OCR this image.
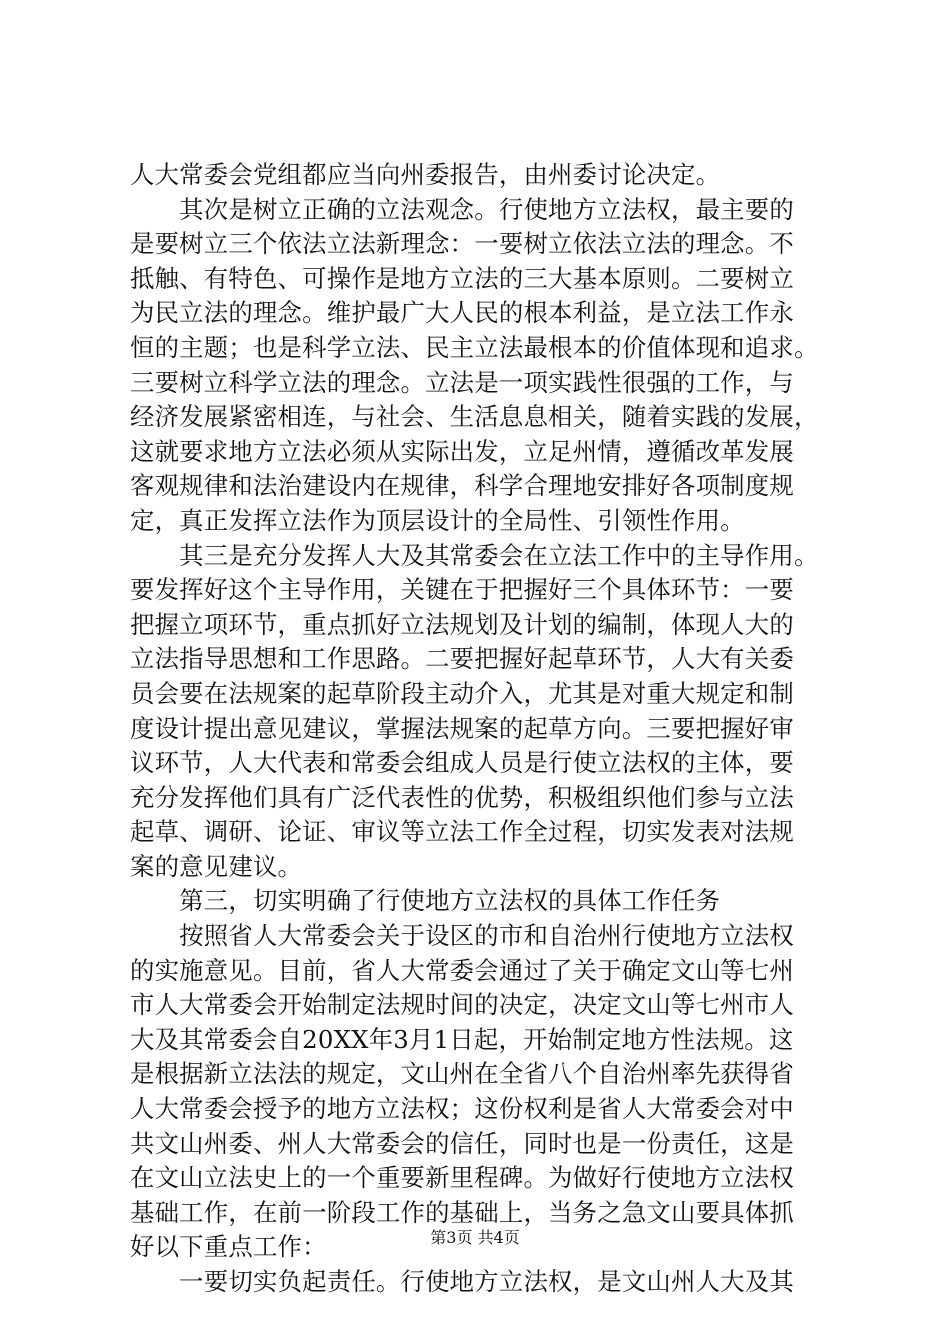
人大常委会党组都应当向州委报告，由州委讨论决定。
　　其次是树立正确的立法观念。行使地方立法权，最主要的
是要树立三个依法立法新理念：一要树立依法立法的理念。不
抵触、有特色、可操作是地方立法的三大基本原则。二要树立
为民立法的理念。维护最广大人民的根本利益，是立法工作永
恒的主题；也是科学立法、民主立法最根本的价值体现和追求。
三要树立科学立法的理念。立法是一项实践性很强的工作，与
经济发展紧密相连，与社会、生活息息相关，随着实践的发展，
这就要求地方立法必须从实际出发，立足州情，遵循改革发展
客观规律和法治建设内在规律，科学合理地安排好各项制度规
定，真正发挥立法作为顶层设计的全局性、引领性作用。
　　其三是充分发挥人大及其常委会在立法工作中的主导作用。
要发挥好这个主导作用，关键在于把握好三个具体环节：一要
把握立项环节，重点抓好立法规划及计划的编制，体现人大的
立法指导思想和工作思路。二要把握好起草环节，人大有关委
员会要在法规案的起草阶段主动介入，尤其是对重大规定和制
度设计提出意见建议，掌握法规案的起草方向。三要把握好审
议环节，人大代表和常委会组成人员是行使立法权的主体，要
充分发挥他们具有广泛代表性的优势，积极组织他们参与立法
起草、调研、论证、审议等立法工作全过程，切实发表对法规
案的意见建议。
　　第三，切实明确了行使地方立法权的具体工作任务
　　按照省人大常委会关于设区的市和自治州行使地方立法权
的实施意见。目前，省人大常委会通过了关于确定文山等七州
市人大常委会开始制定法规时间的决定，决定文山等七州市人
大及其常委会自20XX年3月1日起，开始制定地方性法规。这
是根据新立法法的规定，文山州在全省八个自治州率先获得省
人大常委会授予的地方立法权；这份权利是省人大常委会对中
共文山州委、州人大常委会的信任，同时也是一份责任，这是
在文山立法史上的一个重要新里程碑。为做好行使地方立法权
基础工作，在前一阶段工作的基础上，当务之急文山要具体抓
好以下重点工作：
　　一要切实负起责任。行使地方立法权，是文山州人大及其
第3页 共4页
